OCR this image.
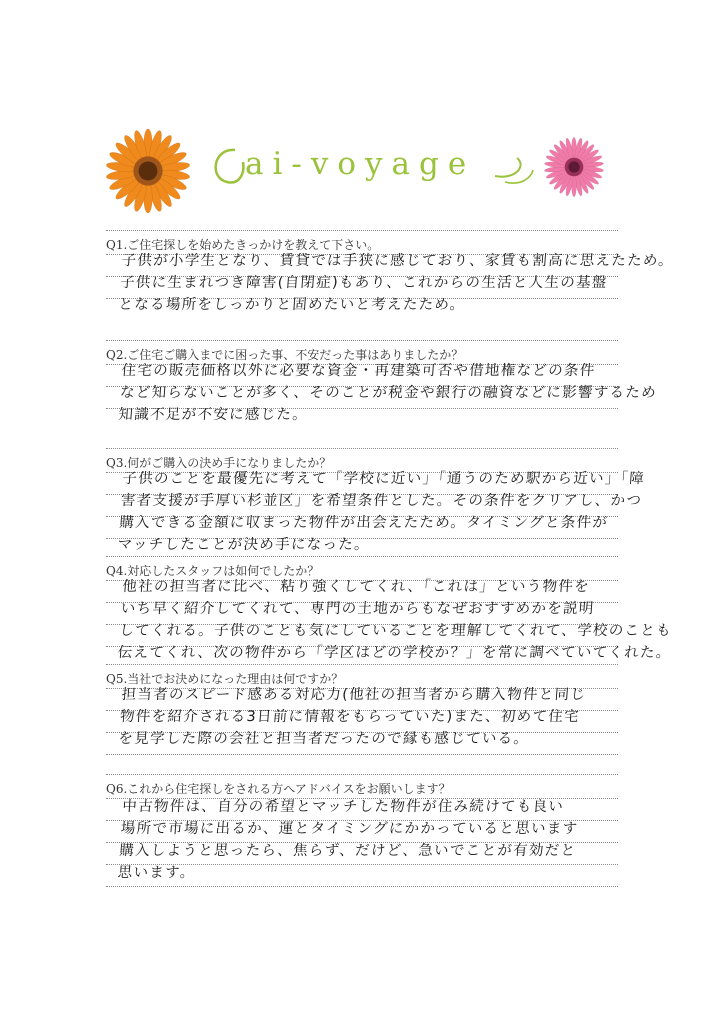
ai-voyage
Q1.ご住宅探しを始めたきっかけを教えて下さい。
子供が小学生となり、賃貸では手狭に感じており、家賃も割高に思えたため。
子供に生まれつき障害(自閉症)もあり、これからの生活と人生の基盤
となる場所をしっかりと固めたいと考えたため。
Q2.ご住宅ご購入までに困った事、不安だった事はありましたか？
住宅の販売価格以外に必要な資金・再建築可否や借地権などの条件
など知らないことが多く、そのことが税金や銀行の融資などに影響するため
知識不足が不安に感じた。
Q3.何がご購入の決め手になりましたか？
子供のことを最優先に考えて「学校に近い」「通うのため駅から近い」「障
害者支援が手厚い杉並区」を希望条件とした。その条件をクリアし、かつ
購入できる金額に収まった物件が出会えたため。タイミングと条件が
マッチしたことが決め手になった。
Q4.対応したスタッフは如何でしたか？
他社の担当者に比べ、粘り強くしてくれ、「これは」という物件を
いち早く紹介してくれて、専門の土地からもなぜおすすめかを説明
してくれる。子供のことも気にしていることを理解してくれて、学校のことも
伝えてくれ、次の物件から「学区はどの学校か？」を常に調べていてくれた。
Q5.当社でお決めになった理由は何ですか？
担当者のスピード感ある対応力(他社の担当者から購入物件と同じ
物件を紹介される3日前に情報をもらっていた)また、初めて住宅
を見学した際の会社と担当者だったので縁も感じている。
Q6.これから住宅探しをされる方へアドバイスをお願いします？
中古物件は、自分の希望とマッチした物件が住み続けても良い
場所で市場に出るか、運とタイミングにかかっていると思います
購入しようと思ったら、焦らず、だけど、急いでことが有効だと
思います。
